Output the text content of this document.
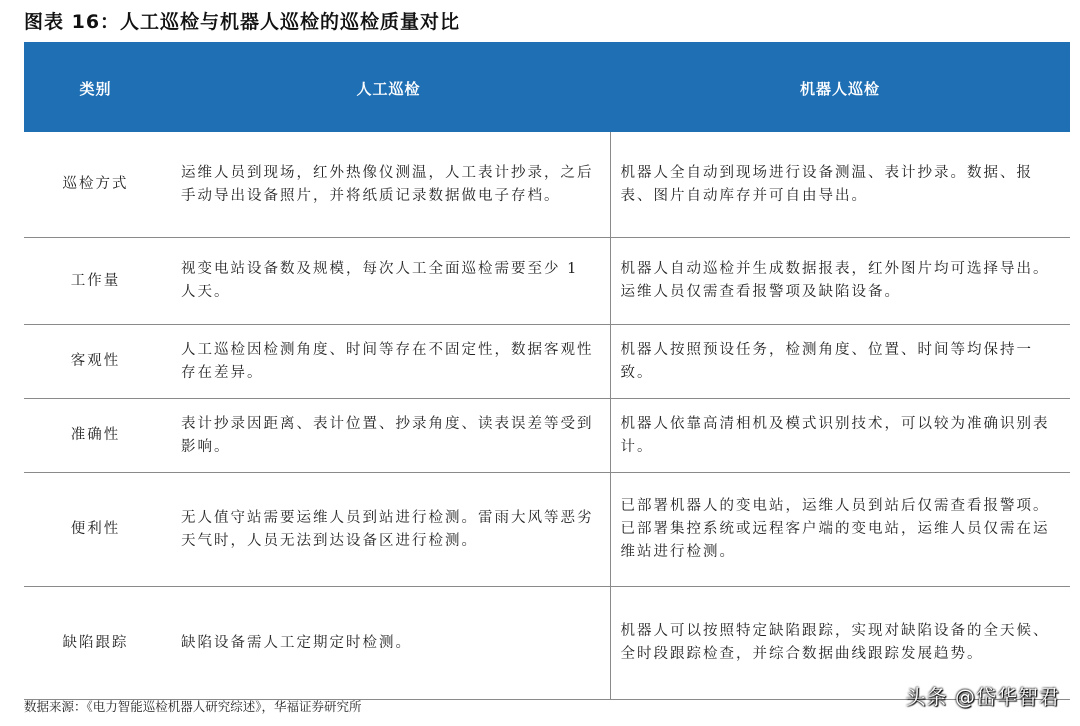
图表 16：人工巡检与机器人巡检的巡检质量对比
类别	人工巡检	机器人巡检
巡检方式	运维人员到现场，红外热像仪测温，人工表计抄录，之后手动导出设备照片，并将纸质记录数据做电子存档。	机器人全自动到现场进行设备测温、表计抄录。数据、报表、图片自动库存并可自由导出。
工作量	视变电站设备数及规模，每次人工全面巡检需要至少 1 人天。	机器人自动巡检并生成数据报表，红外图片均可选择导出。运维人员仅需查看报警项及缺陷设备。
客观性	人工巡检因检测角度、时间等存在不固定性，数据客观性存在差异。	机器人按照预设任务，检测角度、位置、时间等均保持一致。
准确性	表计抄录因距离、表计位置、抄录角度、读表误差等受到影响。	机器人依靠高清相机及模式识别技术，可以较为准确识别表计。
便利性	无人值守站需要运维人员到站进行检测。雷雨大风等恶劣天气时，人员无法到达设备区进行检测。	已部署机器人的变电站，运维人员到站后仅需查看报警项。已部署集控系统或远程客户端的变电站，运维人员仅需在运维站进行检测。
缺陷跟踪	缺陷设备需人工定期定时检测。	机器人可以按照特定缺陷跟踪，实现对缺陷设备的全天候、全时段跟踪检查，并综合数据曲线跟踪发展趋势。
数据来源：《电力智能巡检机器人研究综述》，华福证券研究所	头条 @岱华智君
